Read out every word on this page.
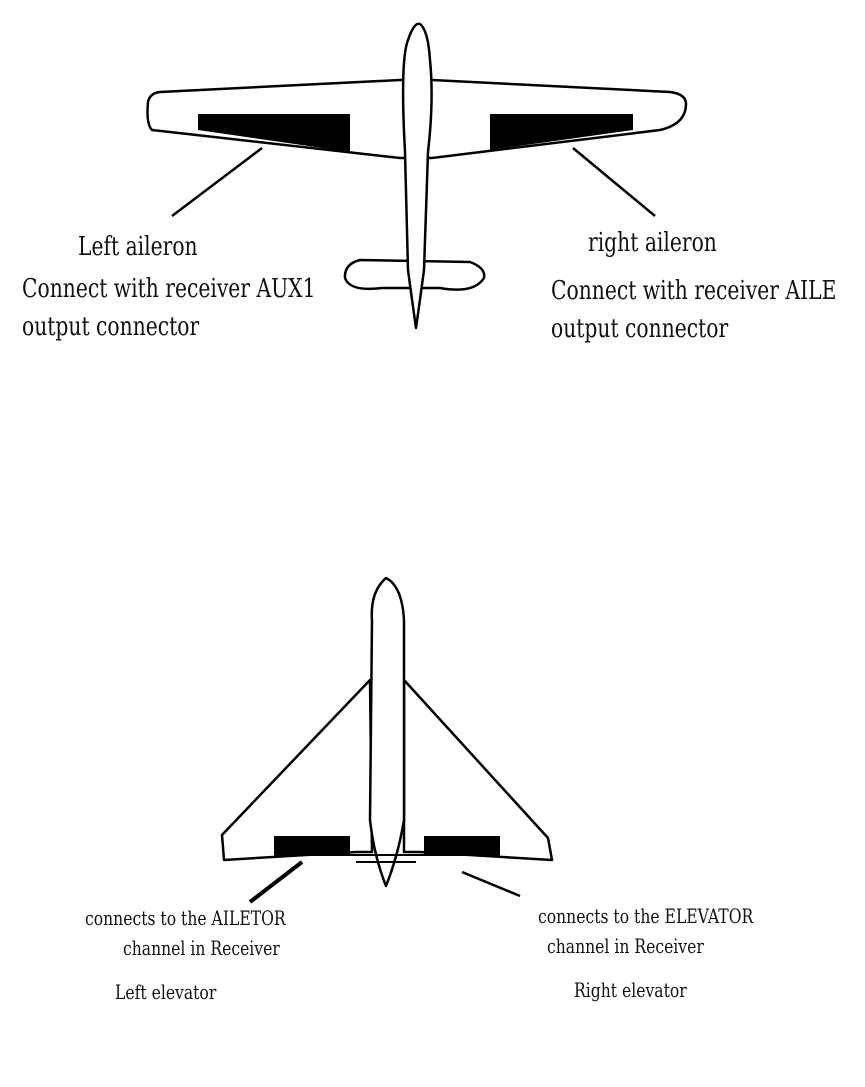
Left aileron
Connect with receiver AUX1
output connector
right aileron
Connect with receiver AILE
output connector
connects to the AILETOR
channel in Receiver
Left elevator
connects to the ELEVATOR
channel in Receiver
Right elevator
